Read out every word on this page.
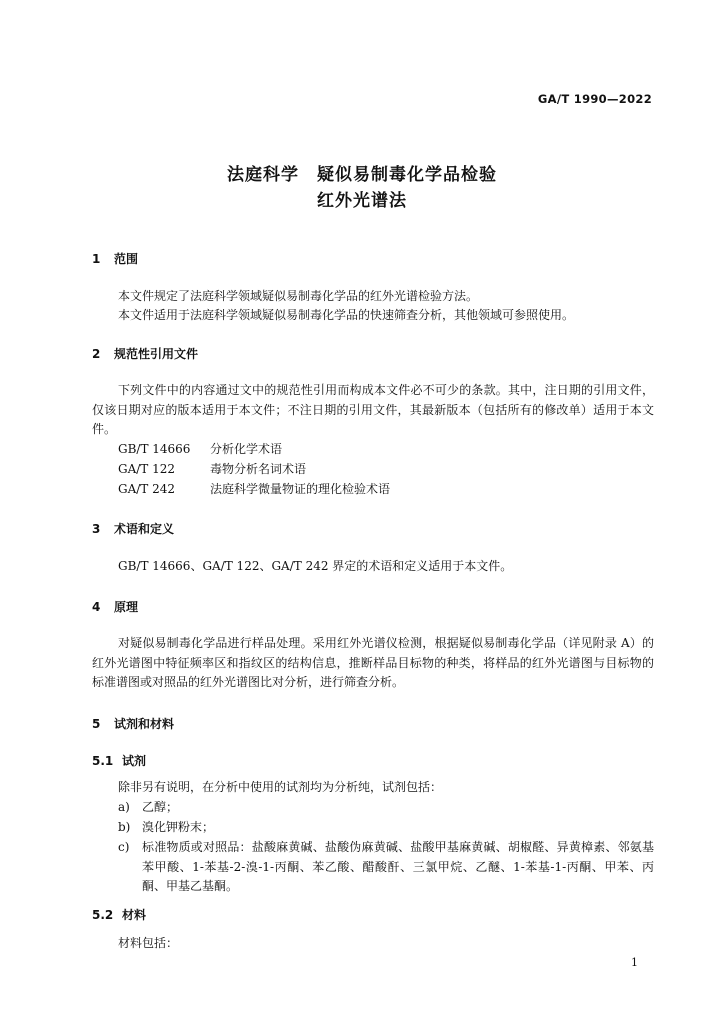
GA/T 1990—2022
法庭科学　疑似易制毒化学品检验
红外光谱法
1 范围
本文件规定了法庭科学领域疑似易制毒化学品的红外光谱检验方法。
本文件适用于法庭科学领域疑似易制毒化学品的快速筛查分析，其他领域可参照使用。
2 规范性引用文件
下列文件中的内容通过文中的规范性引用而构成本文件必不可少的条款。其中，注日期的引用文件，仅该日期对应的版本适用于本文件；不注日期的引用文件，其最新版本（包括所有的修改单）适用于本文件。
GB/T 14666 分析化学术语
GA/T 122	毒物分析名词术语
GA/T 242	法庭科学微量物证的理化检验术语
3 术语和定义
GB/T 14666、GA/T 122、GA/T 242 界定的术语和定义适用于本文件。
4 原理
对疑似易制毒化学品进行样品处理。采用红外光谱仪检测，根据疑似易制毒化学品（详见附录 A）的红外光谱图中特征频率区和指纹区的结构信息，推断样品目标物的种类，将样品的红外光谱图与目标物的标准谱图或对照品的红外光谱图比对分析，进行筛查分析。
5 试剂和材料
5.1 试剂
除非另有说明，在分析中使用的试剂均为分析纯，试剂包括：
a)	乙醇；
b) 溴化钾粉末；
c)	标准物质或对照品：盐酸麻黄碱、盐酸伪麻黄碱、盐酸甲基麻黄碱、胡椒醛、异黄樟素、邻氨基苯甲酸、1-苯基-2-溴-1-丙酮、苯乙酸、醋酸酐、三氯甲烷、乙醚、1-苯基-1-丙酮、甲苯、丙酮、甲基乙基酮。
5.2 材料
材料包括：
1
